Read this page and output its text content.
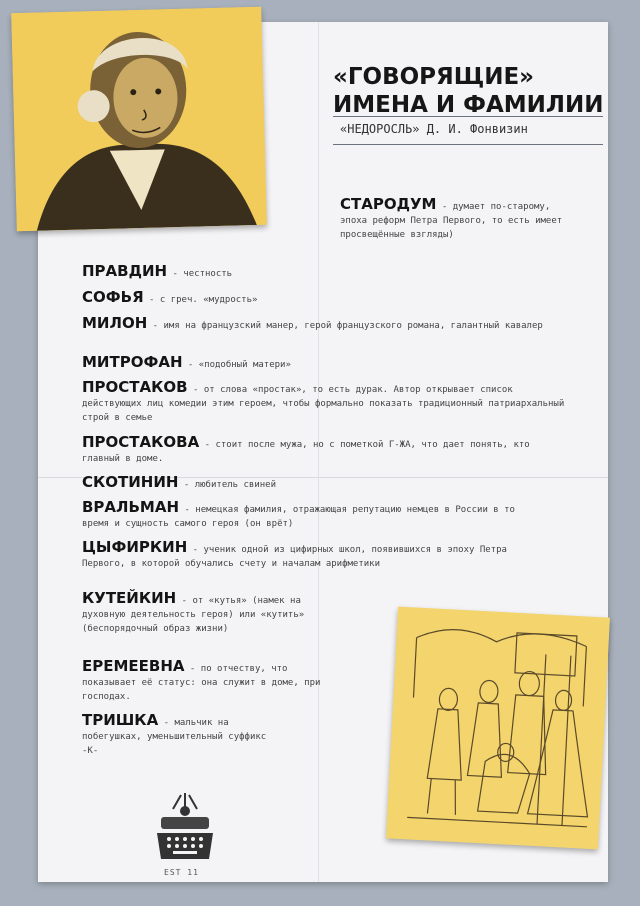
«ГОВОРЯЩИЕ»
ИМЕНА И ФАМИЛИИ
«НЕДОРОСЛЬ» Д. И. Фонвизин
СТАРОДУМ - думает по-старому, эпоха реформ Петра Первого, то есть имеет просвещённые взгляды)
ПРАВДИН - честность
СОФЬЯ - с греч. «мудрость»
МИЛОН - имя на французский манер, герой французского романа, галантный кавалер
МИТРОФАН - «подобный матери»
ПРОСТАКОВ - от слова «простак», то есть дурак. Автор открывает список действующих лиц комедии этим героем, чтобы формально показать традиционный патриархальный строй в семье
ПРОСТАКОВА - стоит после мужа, но с пометкой Г-ЖА, что дает понять, кто главный в доме.
СКОТИНИН - любитель свиней
ВРАЛЬМАН - немецкая фамилия, отражающая репутацию немцев в России в то время и сущность самого героя (он врёт)
ЦЫФИРКИН - ученик одной из цифирных школ, появившихся в эпоху Петра Первого, в которой обучались счету и началам арифметики
КУТЕЙКИН - от «кутья» (намек на духовную деятельность героя) или «кутить» (беспорядочный образ жизни)
ЕРЕМЕЕВНА - по отчеству, что показывает её статус: она служит в доме, при господах.
ТРИШКА - мальчик на побегушках, уменьшительный суффикс -К-
EST 11
